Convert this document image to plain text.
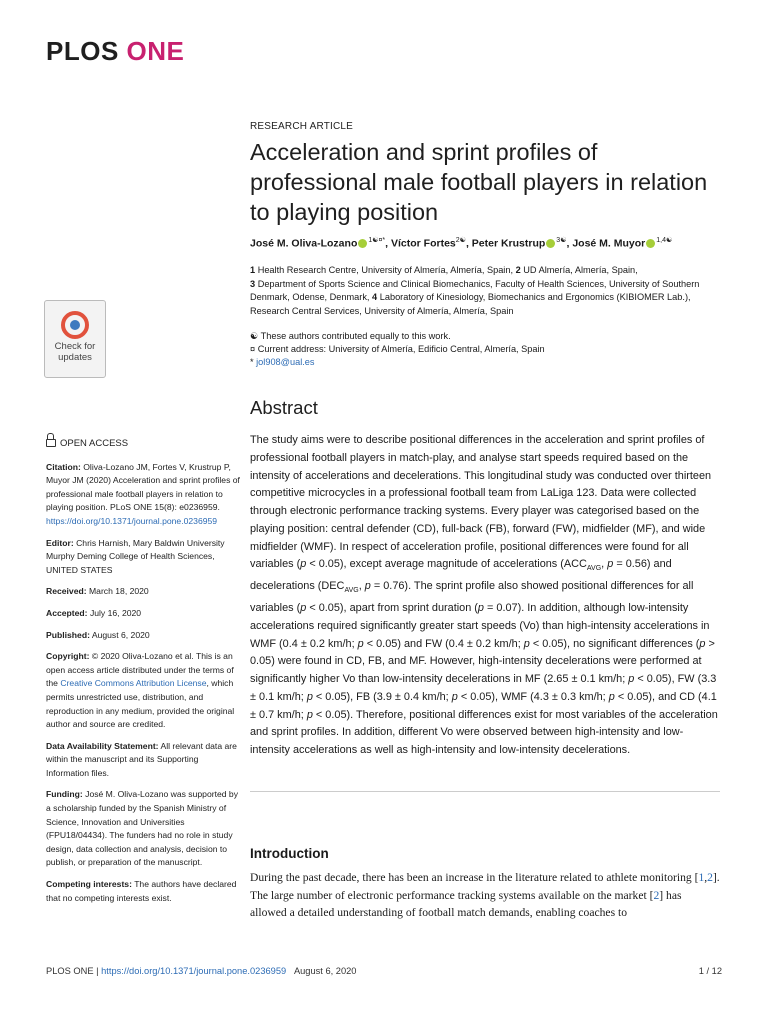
PLOS ONE
RESEARCH ARTICLE
Acceleration and sprint profiles of professional male football players in relation to playing position
José M. Oliva-Lozano $^{1☯¤*}$, Víctor Fortes$^{2☯}$, Peter Krustrup $^{3☯}$, José M. Muyor $^{1,4☯}$
1 Health Research Centre, University of Almería, Almería, Spain, 2 UD Almería, Almería, Spain,
3 Department of Sports Science and Clinical Biomechanics, Faculty of Health Sciences, University of Southern Denmark, Odense, Denmark, 4 Laboratory of Kinesiology, Biomechanics and Ergonomics (KIBIOMER Lab.), Research Central Services, University of Almería, Almería, Spain
☯ These authors contributed equally to this work.
¤ Current address: University of Almería, Edificio Central, Almería, Spain
* jol908@ual.es
Check for
updates

OPEN ACCESS

Citation: Oliva-Lozano JM, Fortes V, Krustrup P, Muyor JM (2020) Acceleration and sprint profiles of professional male football players in relation to playing position. PLoS ONE 15(8): e0236959. https://doi.org/10.1371/journal.pone.0236959

Editor: Chris Harnish, Mary Baldwin University Murphy Deming College of Health Sciences, UNITED STATES

Received: March 18, 2020

Accepted: July 16, 2020

Published: August 6, 2020

Copyright: © 2020 Oliva-Lozano et al. This is an open access article distributed under the terms of the Creative Commons Attribution License, which permits unrestricted use, distribution, and reproduction in any medium, provided the original author and source are credited.

Data Availability Statement: All relevant data are within the manuscript and its Supporting Information files.

Funding: José M. Oliva-Lozano was supported by a scholarship funded by the Spanish Ministry of Science, Innovation and Universities (FPU18/04434). The funders had no role in study design, data collection and analysis, decision to publish, or preparation of the manuscript.

Competing interests: The authors have declared that no competing interests exist.

Abstract
The study aims were to describe positional differences in the acceleration and sprint profiles of professional football players in match-play, and analyse start speeds required based on the intensity of accelerations and decelerations. This longitudinal study was conducted over thirteen competitive microcycles in a professional football team from LaLiga 123. Data were collected through electronic performance tracking systems. Every player was categorised based on the playing position: central defender (CD), full-back (FB), forward (FW), midfielder (MF), and wide midfielder (WMF). In respect of acceleration profile, positional differences were found for all variables (p < 0.05), except average magnitude of accelerations ($ACC_{AVG}$, p = 0.56) and decelerations ($DEC_{AVG}$, p = 0.76). The sprint profile also showed positional differences for all variables (p < 0.05), apart from sprint duration (p = 0.07). In addition, although low-intensity accelerations required significantly greater start speeds (Vo) than high-intensity accelerations in WMF (0.4 ± 0.2 km/h; p < 0.05) and FW (0.4 ± 0.2 km/h; p < 0.05), no significant differences (p > 0.05) were found in CD, FB, and MF. However, high-intensity decelerations were performed at significantly higher Vo than low-intensity decelerations in MF (2.65 ± 0.1 km/h; p < 0.05), FW (3.3 ± 0.1 km/h; p < 0.05), FB (3.9 ± 0.4 km/h; p < 0.05), WMF (4.3 ± 0.3 km/h; p < 0.05), and CD (4.1 ± 0.7 km/h; p < 0.05). Therefore, positional differences exist for most variables of the acceleration and sprint profiles. In addition, different Vo were observed between high-intensity and low-intensity accelerations as well as high-intensity and low-intensity decelerations.
Introduction
During the past decade, there has been an increase in the literature related to athlete monitoring [1,2]. The large number of electronic performance tracking systems available on the market [2] has allowed a detailed understanding of football match demands, enabling coaches to
PLOS ONE | https://doi.org/10.1371/journal.pone.0236959 August 6, 2020	1 / 12
